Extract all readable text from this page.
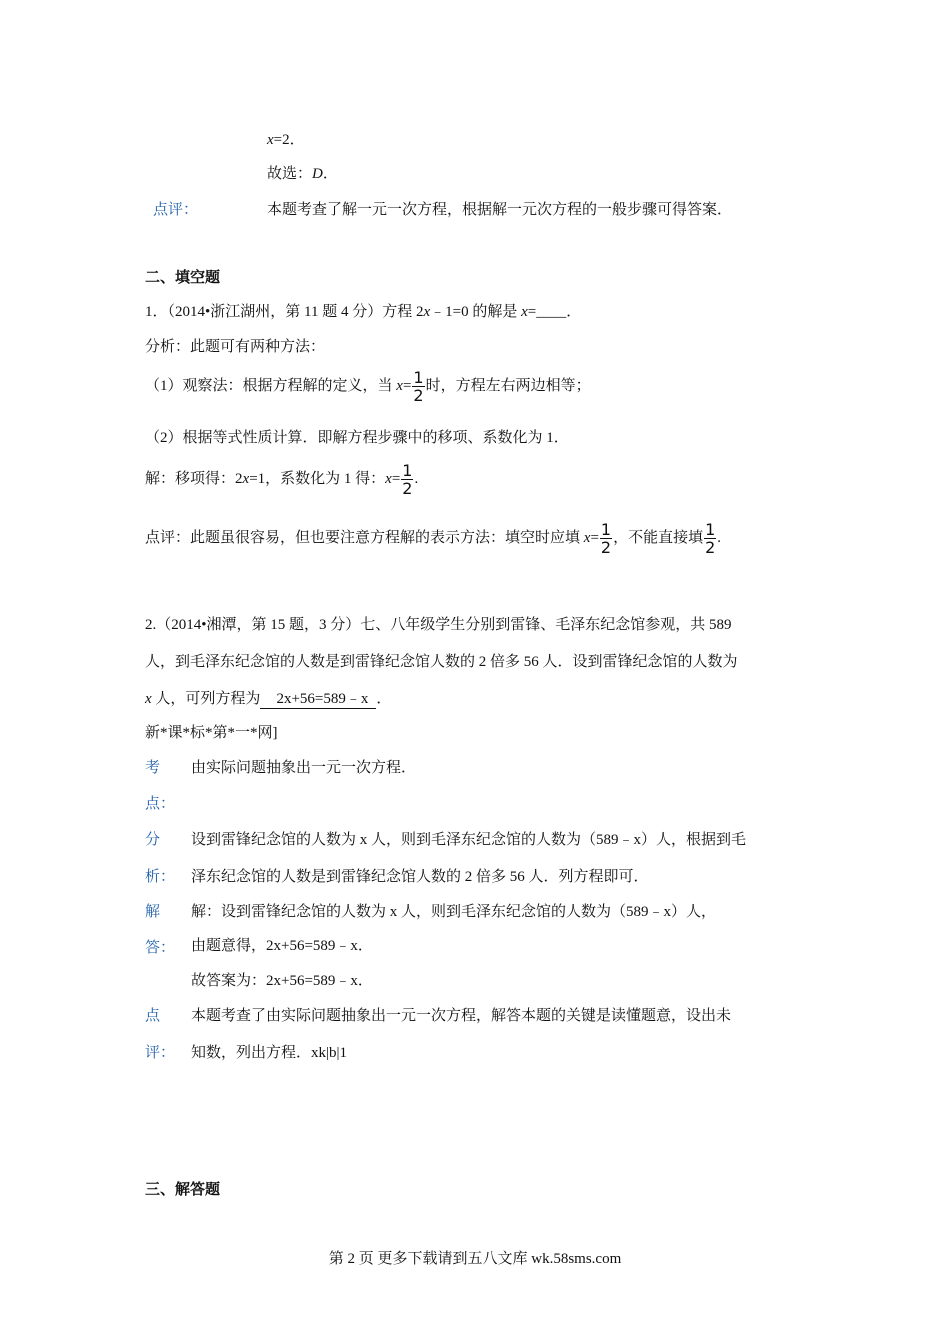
x=2．
故选：D．
点评：	本题考查了解一元一次方程，根据解一元次方程的一般步骤可得答案．
二、填空题
1．（2014•浙江湖州，第 11 题 4 分）方程 2x﹣1=0 的解是 x=____．
分析：此题可有两种方法：
（1）观察法：根据方程解的定义，当 $x= \frac{1}{2}$ 时，方程左右两边相等；
（2）根据等式性质计算．即解方程步骤中的移项、系数化为 1．
解：移项得：2x=1，系数化为 1 得：$x= \frac{1}{2}$ .
点评：此题虽很容易，但也要注意方程解的表示方法：填空时应填 $x= \frac{1}{2}$ ，不能直接填 $\frac{1}{2}$ .
2.（2014•湘潭，第 15 题，3 分）七、八年级学生分别到雷锋、毛泽东纪念馆参观，共 589
人，到毛泽东纪念馆的人数是到雷锋纪念馆人数的 2 倍多 56 人．设到雷锋纪念馆的人数为
x 人，可列方程为 2x+56=589﹣x ．
新*课*标*第*一*网]
考
点：
由实际问题抽象出一元一次方程．
分
析：
设到雷锋纪念馆的人数为 x 人，则到毛泽东纪念馆的人数为（589﹣x）人，根据到毛
泽东纪念馆的人数是到雷锋纪念馆人数的 2 倍多 56 人．列方程即可．
解
答：
解：设到雷锋纪念馆的人数为 x 人，则到毛泽东纪念馆的人数为（589﹣x）人，
由题意得，2x+56=589﹣x．
故答案为：2x+56=589﹣x．
点
评：
本题考查了由实际问题抽象出一元一次方程，解答本题的关键是读懂题意，设出未
知数，列出方程．xk|b|1
三、解答题
第 2 页 更多下载请到五八文库 wk.58sms.com
